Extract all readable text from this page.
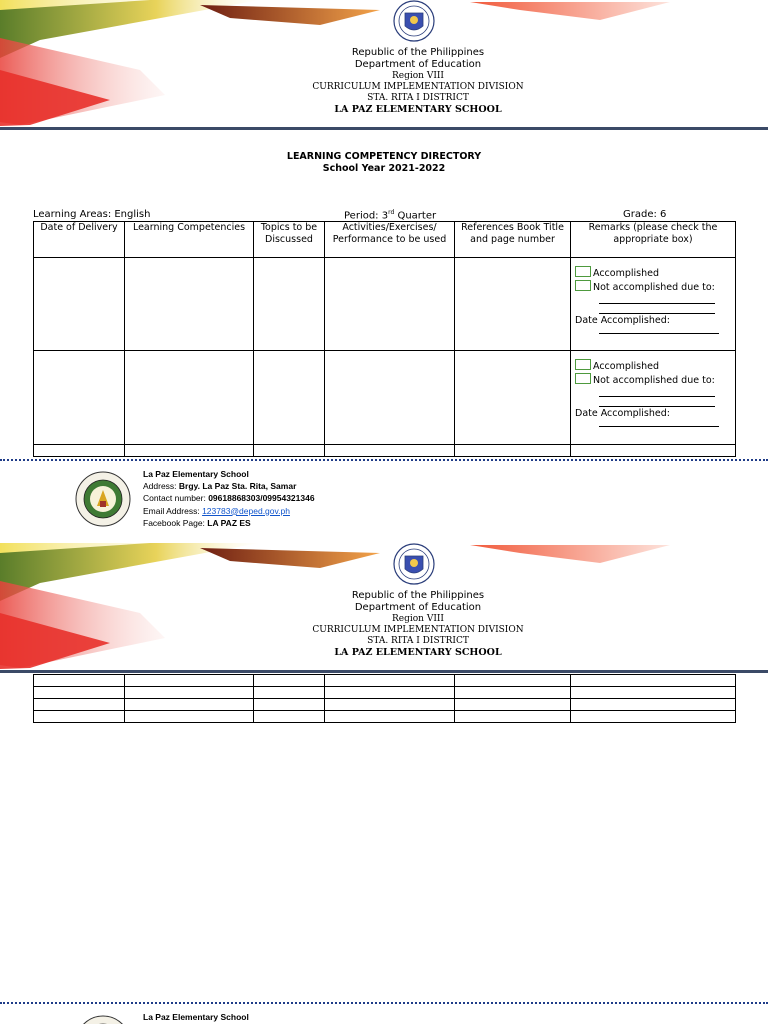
Republic of the Philippines
Department of Education
Region VIII
CURRICULUM IMPLEMENTATION DIVISION
STA. RITA I DISTRICT
LA PAZ ELEMENTARY SCHOOL
LEARNING COMPETENCY DIRECTORY
School Year 2021-2022
Learning Areas: English	Period: 3rd Quarter	Grade: 6
Date of Delivery	Learning Competencies	Topics to be Discussed	Activities/Exercises/ Performance to be used	References Book Title and page number	Remarks (please check the appropriate box)

					Accomplished
Not accomplished due to:
Date Accomplished:

					Accomplished
Not accomplished due to:
Date Accomplished:

La Paz Elementary School
Address: Brgy. La Paz Sta. Rita, Samar
Contact number: 09618868303/09954321346
Email Address: 123783@deped.gov.ph
Facebook Page: LA PAZ ES
Republic of the Philippines
Department of Education
Region VIII
CURRICULUM IMPLEMENTATION DIVISION
STA. RITA I DISTRICT
LA PAZ ELEMENTARY SCHOOL

La Paz Elementary School
